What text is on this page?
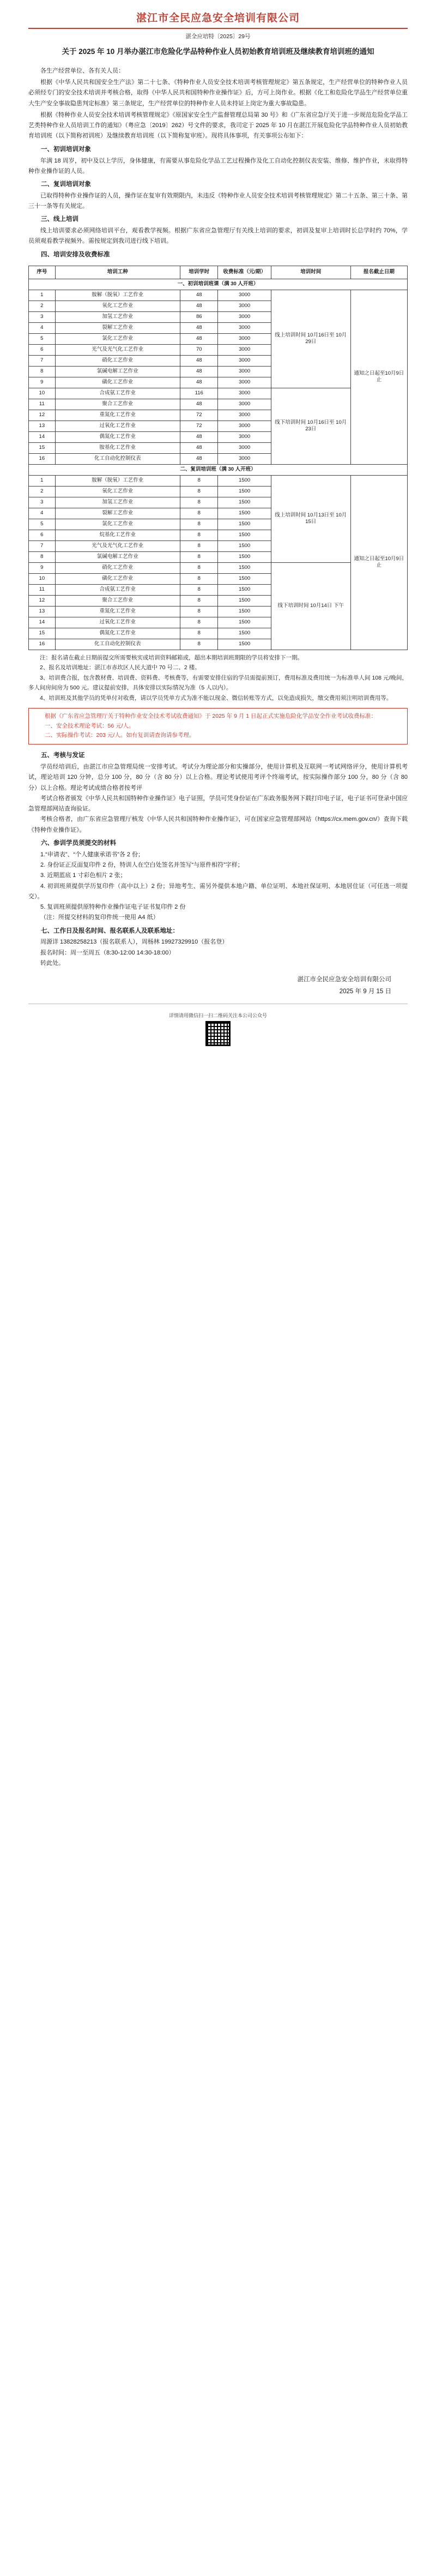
湛江市全民应急安全培训有限公司
湛全应培特〔2025〕29号
关于 2025 年 10 月举办湛江市危险化学品特种作业人员初始教育培训班及继续教育培训班的通知

各生产经营单位、各有关人员：

根据《中华人民共和国安全生产法》第二十七条、《特种作业人员安全技术培训考核管理规定》第五条规定，生产经营单位的特种作业人员必须经专门的安全技术培训并考核合格，取得《中华人民共和国特种作业操作证》后，方可上岗作业。根据《化工和危险化学品生产经营单位重大生产安全事故隐患判定标准》第三条规定，生产经营单位的特种作业人员未持证上岗定为重大事故隐患。

根据《特种作业人员安全技术培训考核管理规定》《原国家安全生产监督管理总局第 30 号》和《广东省应急厅关于进一步规范危险化学品工艺类特种作业人员培训工作的通知》（粤应急〔2019〕262）号文件的要求，我司定于 2025 年 10 月在湛江开展危险化学品特种作业人员初始教育培训班（以下简称初训班）及继续教育培训班（以下简称复审班）。现将具体事项，有关事项公布如下：

一、初训培训对象

年满 18 周岁，初中及以上学历，身体健康，有需要从事危险化学品工艺过程操作及化工自动化控制仪表安装、维修、维护作业，未取得特种作业操作证的人员。

二、复训培训对象

已取得特种作业操作证的人员，操作证在复审有效期限内，未违反《特种作业人员安全技术培训考核管理规定》第二十五条、第三十条、第三十一条等有关规定。

三、线上培训

线上培训要求必须网络培训平台，观看教学视频。根据广东省应急管理厅有关线上培训的要求，初训及复审上培训时长总学时约 70%，学员须观看教学视频外。需按规定到我司进行线下培训。

四、培训安排及收费标准
序号	培训工种	培训学时	收费标准（元/期）	培训时间	报名截止日期
一、初训培训班课（满 30 人开班）					
1	胺解（脱氧）工艺作业	48	3000	线上培训时间 10月16日至 10月 29日	通知之日起至10月9日止
2	氧化工艺作业	48	3000		
3	加氢工艺作业	86	3000		
4	裂解工艺作业	48	3000		
5	氯化工艺作业	48	3000		
6	光气及光气化工艺作业	70	3000		
7	硝化工艺作业	48	3000		
8	氯碱电解工艺作业	48	3000		
9	磺化工艺作业	48	3000		
10	合成氨工艺作业	116	3000	线下培训时间 10月16日至 10月 23日	
11	聚合工艺作业	48	3000		
12	重氮化工艺作业	72	3000		
13	过氧化工艺作业	72	3000		
14	偶氮化工艺作业	48	3000		
15	胺基化工艺作业	48	3000		
16	化工自动化控制仪表	48	3000		
二、复训培训班（满 30 人开班）					
1	胺解（脱氧）工艺作业	8	1500	线上培训时间 10月13日至 10月 15日	通知之日起至10月9日止
2	氧化工艺作业	8	1500		
3	加氢工艺作业	8	1500		
4	裂解工艺作业	8	1500		
5	氯化工艺作业	8	1500		
6	烷基化工艺作业	8	1500		
7	光气及光气化工艺作业	8	1500		
8	氯碱电解工艺作业	8	1500		
9	硝化工艺作业	8	1500	线下培训时间 10月14日 下午	
10	磺化工艺作业	8	1500		
11	合成氨工艺作业	8	1500		
12	聚合工艺作业	8	1500		
13	重氮化工艺作业	8	1500		
14	过氧化工艺作业	8	1500		
15	偶氮化工艺作业	8	1500		
16	化工自动化控制仪表	8	1500		

注：报名请在截止日期前提交所需要核实或培训资料邮箱或，超出本期培训班期限的学员将安排下一期。

2、报名及培训地址：湛江市赤坎区人民大道中 70 号二、2 楼。

3、培训费合报，包含教材费、培训费、资料费、考核费等，有需要安排住宿的学员需提前预订，费用标准及费用统一为标准单人间 108 元/晚间，多人间房间房为 500 元。建议提前安排，具体安排以实际情况为准（5 人以内）。

4、培训班及其他学员的凭单付对收费，请以学员凭单方式为准不能以现金、微信转账等方式，以免造成损失，缴交费用须注明培训费用等。

根据《广东省应急管理厅关于特种作业安全技术考试收费通知》于 2025 年 9 月 1 日起正式实施危险化学品安全作业考试收费标准：

一、安全技术理论考试：56 元/人。

二、实际操作考试：203 元/人。如有复训请查询请参考理。

五、考核与发证

学员经培训后，由湛江市应急管理局统一安排考试。考试分为理论部分和实操部分，使用计算机及互联网一考试网络评分，使用计算机考试，理论培训 120 分钟，总分 100 分，80 分（含 80 分）以上合格。理论考试使用考评个终端考试，按实际操作部分 100 分，80 分（含 80 分）以上合格。理论考试成绩合格者按考评

考试合格者颁发《中华人民共和国特种作业操作证》电子证照，学员可凭身份证在广东政务服务网下载打印电子证，电子证书可登录中国应急管理部网站查询验证。

考核合格者，由广东省应急管理厅核发《中华人民共和国特种作业操作证》，可在国家应急管理部网站（https://cx.mem.gov.cn/）查询下载《特种作业操作证》。

六、参训学员须提交的材料

1.“申请表”、“个人健康承诺书”各 2 份；

2. 身份证正反面复印件 2 份，特训人在空白处签名并签写“与原件相符”字样；

3. 近期蓝底 1 寸彩色相片 2 张；

4. 初训班须提供学历复印件（高中以上）2 份；异地考生、需另外提供本地户籍、单位证明、本地社保证明、本地居住证（可任选一项提交）。

5. 复训班须提供原特种作业操作证电子证书复印件 2 份

（注：所提交材料的复印件统一使用 A4 纸）

七、工作日及报名时间、报名联系人及联系地址：

周源详 13828258213（报名联系人），周杨林 19927329910（报名登）

报名时间：周一至周五（8:30-12:00 14:30-18:00）

转此处。

湛江市全民应急安全培训有限公司
2025 年 9 月 15 日
详情请用微信扫一扫二维码关注本公司公众号
